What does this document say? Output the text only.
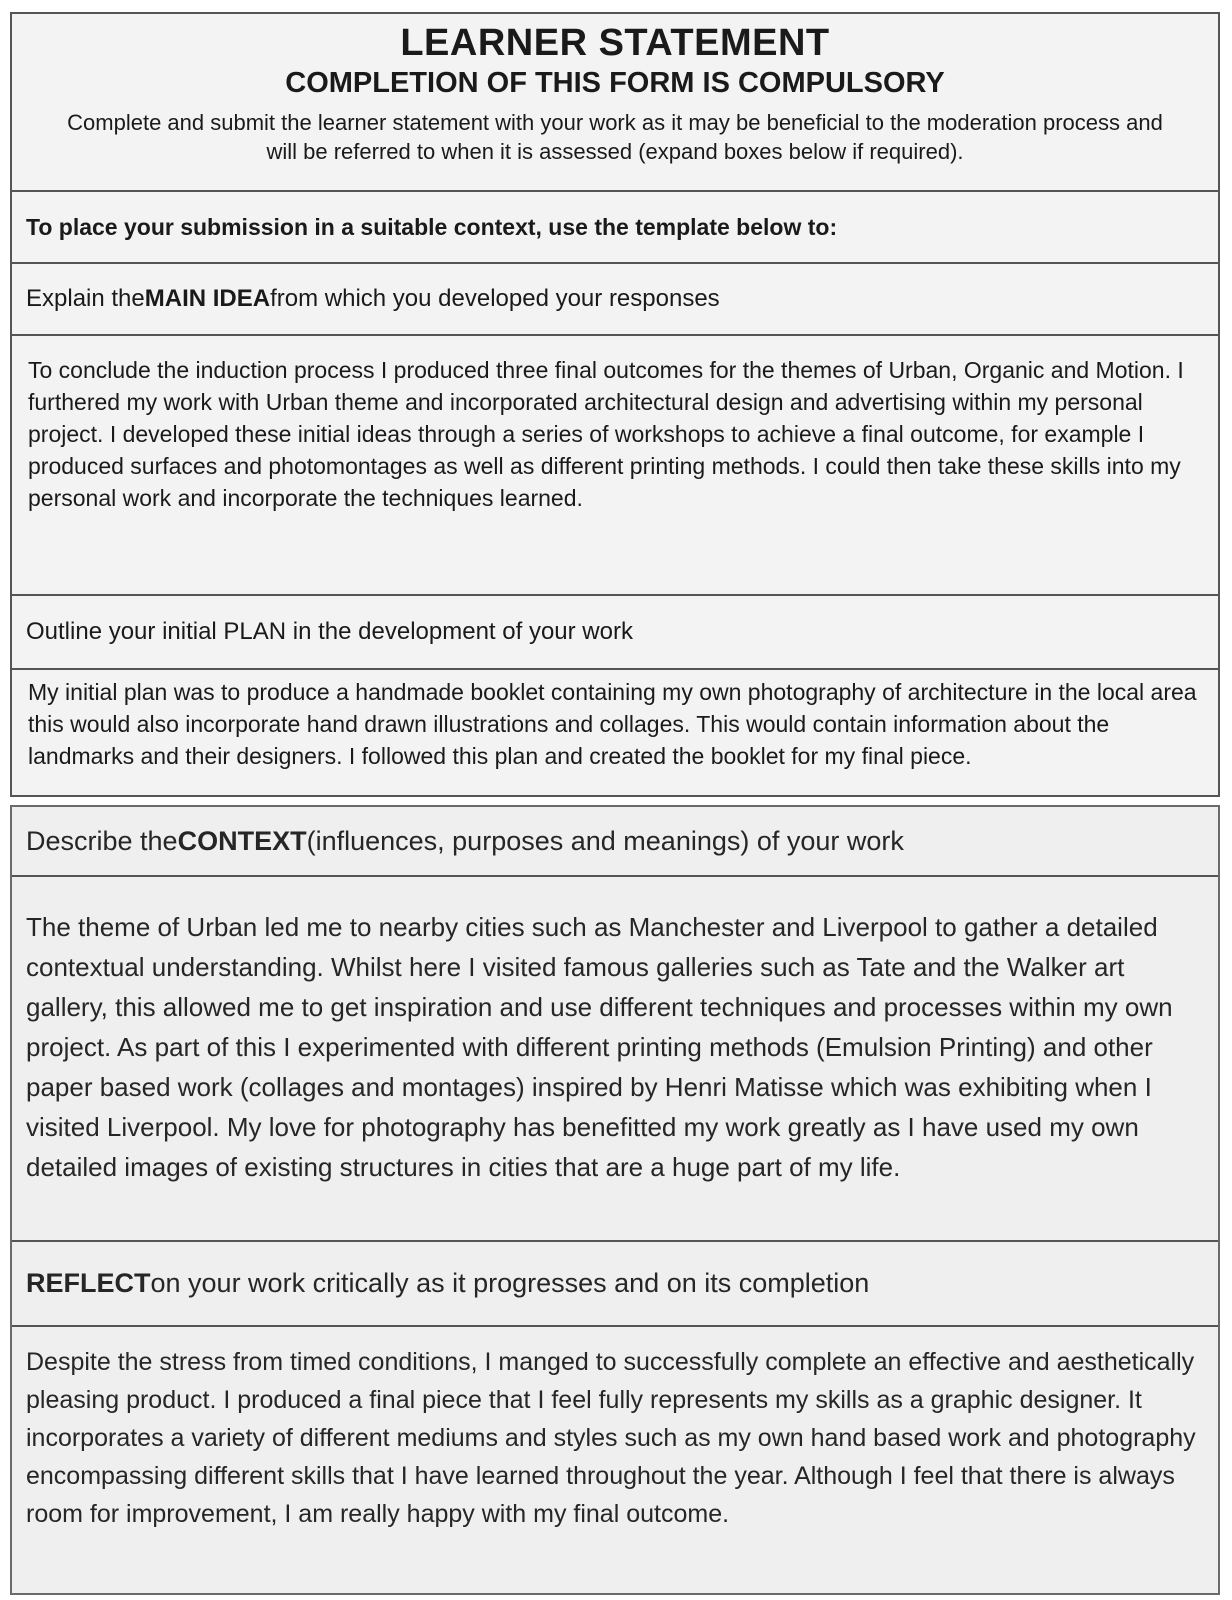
LEARNER STATEMENT
COMPLETION OF THIS FORM IS COMPULSORY
Complete and submit the learner statement with your work as it may be beneficial to the moderation process and will be referred to when it is assessed (expand boxes below if required).
To place your submission in a suitable context, use the template below to:
Explain the MAIN IDEA from which you developed your responses
To conclude the induction process I produced three final outcomes for the themes of Urban, Organic and Motion. I furthered my work with Urban theme and incorporated architectural design and advertising within my personal project. I developed these initial ideas through a series of workshops to achieve a final outcome, for example I produced surfaces and photomontages as well as different printing methods. I could then take these skills into my personal work and incorporate the techniques learned.
Outline your initial PLAN in the development of your work
My initial plan was to produce a handmade booklet containing my own photography of architecture in the local area this would also incorporate hand drawn illustrations and collages. This would contain information about the landmarks and their designers. I followed this plan and created the booklet for my final piece.
Describe the CONTEXT (influences, purposes and meanings) of your work
The theme of Urban led me to nearby cities such as Manchester and Liverpool to gather a detailed contextual understanding. Whilst here I visited famous galleries such as Tate and the Walker art gallery, this allowed me to get inspiration and use different techniques and processes within my own project. As part of this I experimented with different printing methods (Emulsion Printing) and other paper based work (collages and montages) inspired by Henri Matisse which was exhibiting when I visited Liverpool. My love for photography has benefitted my work greatly as I have used my own detailed images of existing structures in cities that are a huge part of my life.
REFLECT on your work critically as it progresses and on its completion
Despite the stress from timed conditions, I manged to successfully complete an effective and aesthetically pleasing product. I produced a final piece that I feel fully represents my skills as a graphic designer. It incorporates a variety of different mediums and styles such as my own hand based work and photography encompassing different skills that I have learned throughout the year. Although I feel that there is always room for improvement, I am really happy with my final outcome.
